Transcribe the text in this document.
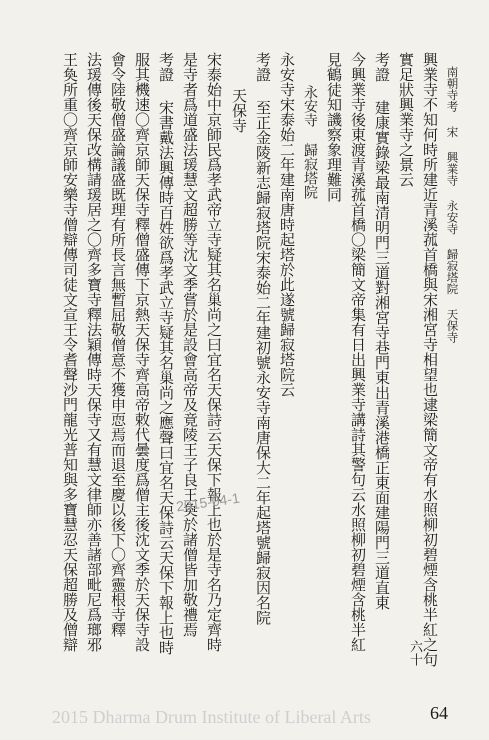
南朝寺考 宋 興業寺 永安寺 歸寂塔院 天保寺
興業寺不知何時所建近青溪菰首橋與宋湘宮寺相望也逮梁簡文帝有水照柳初碧煙含桃半紅之句
實足狀興業寺之景云
考證 建康實錄梁最南清明門三道對湘宮寺巷門東出青溪港橋正東面建陽門三道直東
今興業寺後東渡青溪菰首橋〇梁簡文帝集有日出興業寺講詩其警句云水照柳初碧煙含桃半紅
見鶴徒知譏察象理難同
永安寺 歸寂塔院
永安寺宋泰始二年建南唐時起塔於此遂號歸寂塔院云
考證 至正金陵新志歸寂塔院宋泰始二年建初號永安寺南唐保大二年起塔號歸寂因名院
天保寺
宋泰始中京師民爲孝武帝立寺疑其名巢尚之曰宜名天保詩云天保下報上也於是寺名乃定齊時
是寺者爲道盛法瑗慧文超勝等沈文季嘗於是設會高帝及竟陵王子良王奐於諸僧皆加敬禮焉
考證 宋書戴法興傳時百姓欲爲孝武立寺疑其名巢尚之應聲曰宜名天保詩云天保下報上也時
服其機速〇齊京師天保寺釋僧盛傳下京熱天保寺齊高帝敕代曇度爲僧主後沈文季於天保寺設
會令陸敬僧盛論議盛既理有所長言無暫屈敬僧意不獲申恧焉而退至慶以後下〇齊靈根寺釋
法瑗傳後天保改構請瑗居之〇齊多寶寺釋法穎傳時天保寺又有慧文律師亦善諸部毗尼爲瑯邪
王奐所重〇齊京師安樂寺僧辯傳司徒文宣王令耆聲沙門龍光普知與多寶慧忍天保超勝及僧辯
六十
2015-04-1
2015 Dharma Drum Institute of Liberal Arts	64
